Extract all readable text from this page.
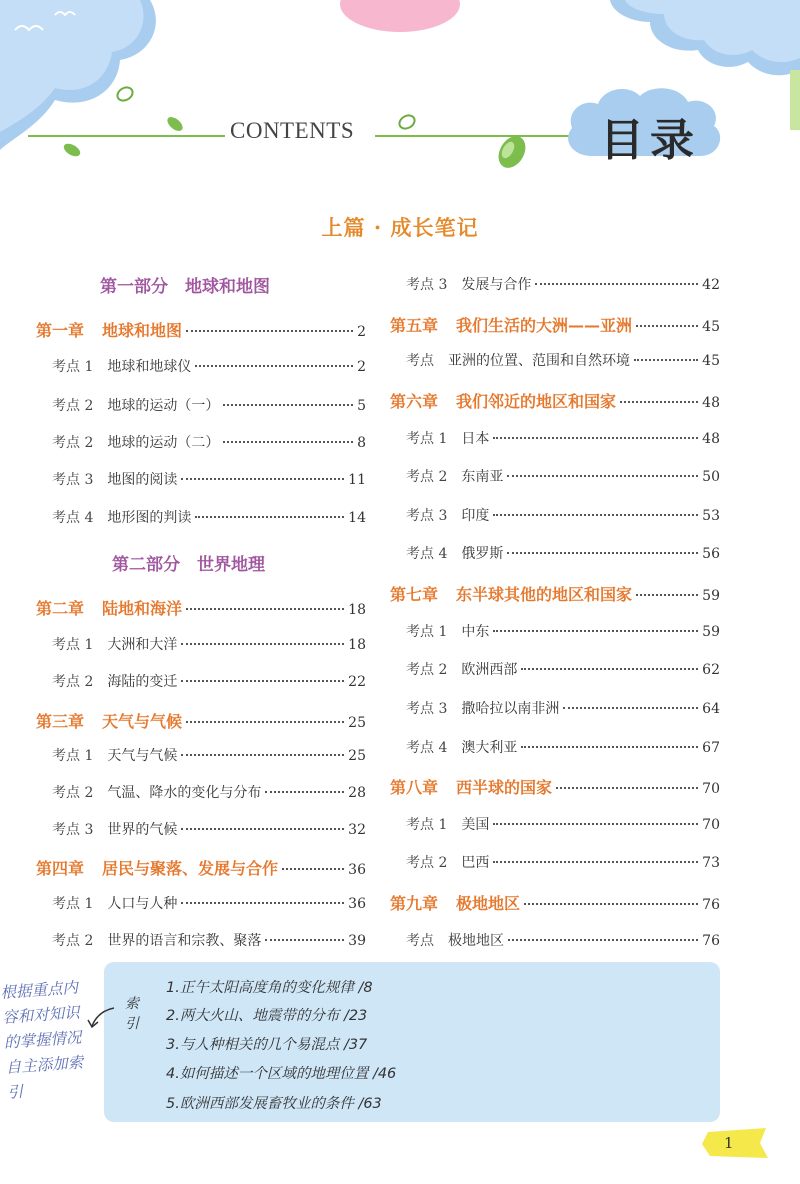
CONTENTS	目录
上篇 · 成长笔记
第一部分　地球和地图
第一章 地球和地图	2
考点 1 地球和地球仪	2
考点 2 地球的运动（一）	5
考点 2 地球的运动（二）	8
考点 3 地图的阅读	11
考点 4 地形图的判读	14
第二部分　世界地理
第二章 陆地和海洋	18
考点 1 大洲和大洋	18
考点 2 海陆的变迁	22
第三章 天气与气候	25
考点 1 天气与气候	25
考点 2 气温、降水的变化与分布	28
考点 3 世界的气候	32
第四章 居民与聚落、发展与合作	36
考点 1 人口与人种	36
考点 2 世界的语言和宗教、聚落	39
考点 3 发展与合作	42
第五章 我们生活的大洲——亚洲	45
考点 亚洲的位置、范围和自然环境	45
第六章 我们邻近的地区和国家	48
考点 1 日本	48
考点 2 东南亚	50
考点 3 印度	53
考点 4 俄罗斯	56
第七章 东半球其他的地区和国家	59
考点 1 中东	59
考点 2 欧洲西部	62
考点 3 撒哈拉以南非洲	64
考点 4 澳大利亚	67
第八章 西半球的国家	70
考点 1 美国	70
考点 2 巴西	73
第九章 极地地区	76
考点 极地地区	76
根据重点内容和对知识的掌握情况自主添加索引
索引
1.正午太阳高度角的变化规律 /8
2.两大火山、地震带的分布 /23
3.与人种相关的几个易混点 /37
4.如何描述一个区域的地理位置 /46
5.欧洲西部发展畜牧业的条件 /63
1
